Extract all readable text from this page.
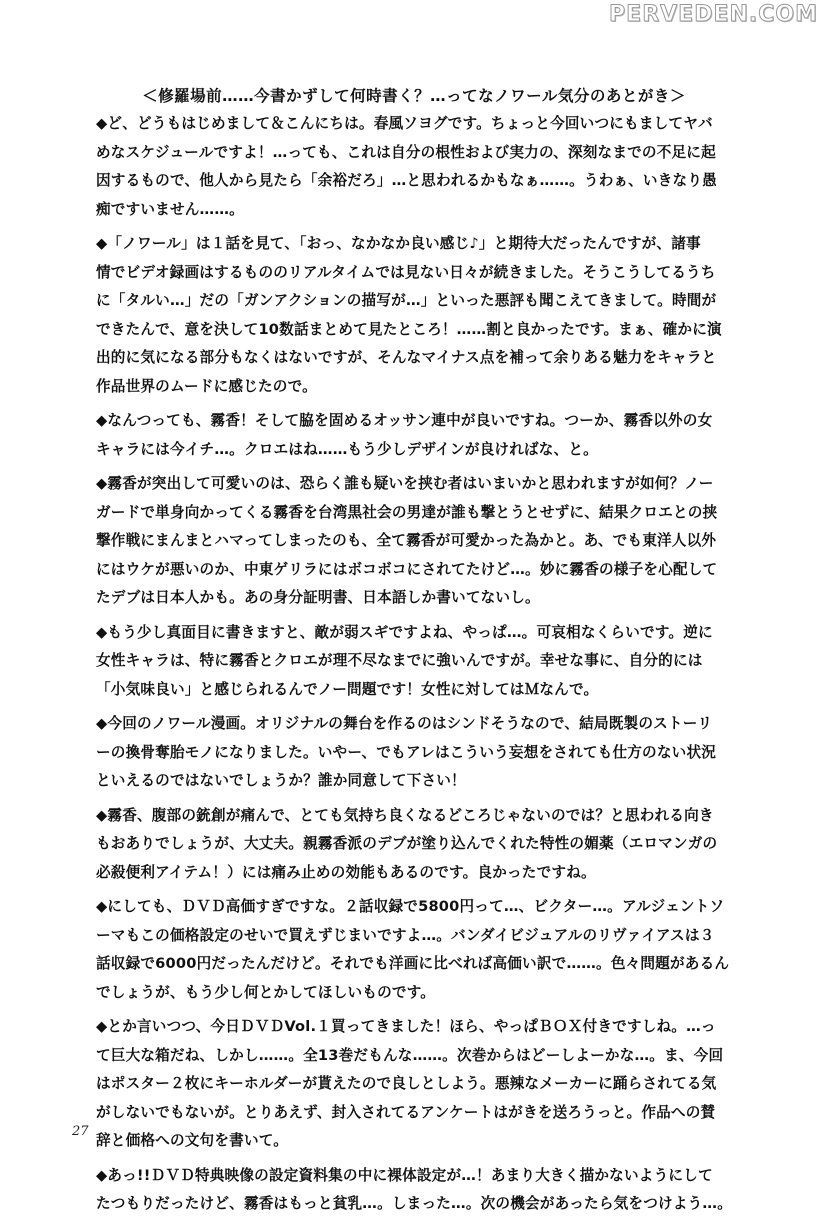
PERVEDEN.COM
＜修羅場前……今書かずして何時書く？…ってなノワール気分のあとがき＞
◆ど、どうもはじめまして＆こんにちは。春風ソヨグです。ちょっと今回いつにもましてヤバ
めなスケジュールですよ！…っても、これは自分の根性および実力の、深刻なまでの不足に起
因するもので、他人から見たら「余裕だろ」…と思われるかもなぁ……。うわぁ、いきなり愚
痴ですいません……。
◆「ノワール」は１話を見て、「おっ、なかなか良い感じ♪」と期待大だったんですが、諸事
情でビデオ録画はするもののリアルタイムでは見ない日々が続きました。そうこうしてるうち
に「タルい…」だの「ガンアクションの描写が…」といった悪評も聞こえてきまして。時間が
できたんで、意を決して10数話まとめて見たところ！……割と良かったです。まぁ、確かに演
出的に気になる部分もなくはないですが、そんなマイナス点を補って余りある魅力をキャラと
作品世界のムードに感じたので。
◆なんつっても、霧香！そして脇を固めるオッサン連中が良いですね。つーか、霧香以外の女
キャラには今イチ…。クロエはね……もう少しデザインが良ければな、と。
◆霧香が突出して可愛いのは、恐らく誰も疑いを挟む者はいまいかと思われますが如何？ノー
ガードで単身向かってくる霧香を台湾黒社会の男達が誰も撃とうとせずに、結果クロエとの挟
撃作戦にまんまとハマってしまったのも、全て霧香が可愛かった為かと。あ、でも東洋人以外
にはウケが悪いのか、中東ゲリラにはボコボコにされてたけど…。妙に霧香の様子を心配して
たデブは日本人かも。あの身分証明書、日本語しか書いてないし。
◆もう少し真面目に書きますと、敵が弱スギですよね、やっぱ…。可哀相なくらいです。逆に
女性キャラは、特に霧香とクロエが理不尽なまでに強いんですが。幸せな事に、自分的には
「小気味良い」と感じられるんでノー問題です！女性に対してはＭなんで。
◆今回のノワール漫画。オリジナルの舞台を作るのはシンドそうなので、結局既製のストーリ
ーの換骨奪胎モノになりました。いやー、でもアレはこういう妄想をされても仕方のない状況
といえるのではないでしょうか？誰か同意して下さい！
◆霧香、腹部の銃創が痛んで、とても気持ち良くなるどころじゃないのでは？と思われる向き
もおありでしょうが、大丈夫。親霧香派のデブが塗り込んでくれた特性の媚薬（エロマンガの
必殺便利アイテム！）には痛み止めの効能もあるのです。良かったですね。
◆にしても、ＤＶＤ高価すぎですな。２話収録で5800円って…、ビクター…。アルジェントソ
ーマもこの価格設定のせいで買えずじまいですよ…。バンダイビジュアルのリヴァイアスは３
話収録で6000円だったんだけど。それでも洋画に比べれば高価い訳で……。色々問題があるん
でしょうが、もう少し何とかしてほしいものです。
◆とか言いつつ、今日ＤＶＤVol.１買ってきました！ほら、やっぱＢＯＸ付きですしね。…っ
て巨大な箱だね、しかし……。全13巻だもんな……。次巻からはどーしよーかな…。ま、今回
はポスター２枚にキーホルダーが貰えたので良しとしよう。悪辣なメーカーに踊らされてる気
がしないでもないが。とりあえず、封入されてるアンケートはがきを送ろうっと。作品への賛
辞と価格への文句を書いて。
◆あっ!!ＤＶＤ特典映像の設定資料集の中に裸体設定が…！あまり大きく描かないようにして
たつもりだったけど、霧香はもっと貧乳…。しまった…。次の機会があったら気をつけよう…。
27
